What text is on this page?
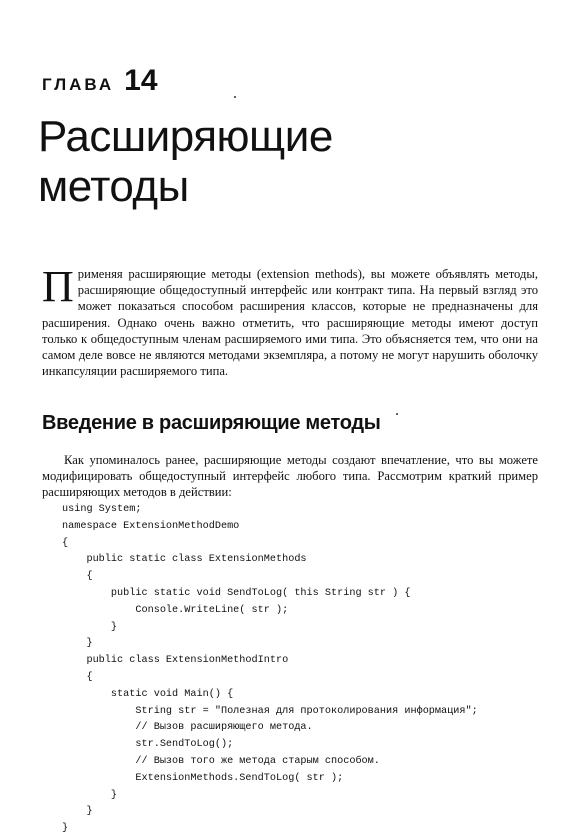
ГЛАВА 14
Расширяющие
методы

П рименяя расширяющие методы (extension methods), вы можете объявлять методы, расширяющие общедоступный интерфейс или контракт типа. На первый взгляд это может показаться способом расширения классов, которые не предназначены для расширения. Однако очень важно отметить, что расширяющие методы имеют доступ только к общедоступным членам расширяемого ими типа. Это объясняется тем, что они на самом деле вовсе не являются методами экземпляра, а потому не могут нарушить оболочку инкапсуляции расширяемого типа.

Введение в расширяющие методы

Как упоминалось ранее, расширяющие методы создают впечатление, что вы можете модифицировать общедоступный интерфейс любого типа. Рассмотрим краткий пример расширяющих методов в действии:

using System;
namespace ExtensionMethodDemo
{
public static class ExtensionMethods
{
public static void SendToLog( this String str ) {
Console.WriteLine( str );
}
}
public class ExtensionMethodIntro
{
static void Main() {
String str = "Полезная для протоколирования информация";
// Вызов расширяющего метода.
str.SendToLog();
// Вызов того же метода старым способом.
ExtensionMethods.SendToLog( str );
}
}
}
